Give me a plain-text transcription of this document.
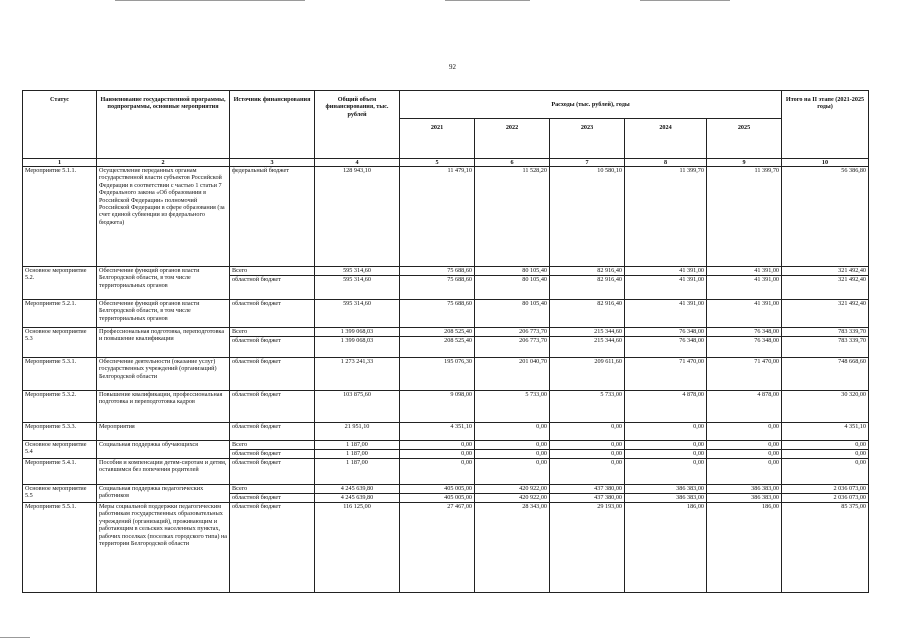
92
Статус	Наименование государственной программы, подпрограммы, основные мероприятия	Источник финансирования	Общий объем финансирования, тыс. рублей	Расходы (тыс. рублей), годы					Итого на II этапе (2021-2025 годы)
				2021	2022	2023	2024	2025	
1	2	3	4	5	6	7	8	9	10
Мероприятие 5.1.1.	Осуществление переданных органам государственной власти субъектов Российской Федерации в соответствии с частью 1 статьи 7 Федерального закона «Об образовании в Российской Федерации» полномочий Российской Федерации в сфере образования (за счет единой субвенции из федерального бюджета)	федеральный бюджет	128 943,10	11 479,10	11 528,20	10 580,10	11 399,70	11 399,70	56 386,80
Основное мероприятие 5.2.	Обеспечение функций органов власти Белгородской области, в том числе территориальных органов	Всего	595 314,60	75 688,60	80 105,40	82 916,40	41 391,00	41 391,00	321 492,40
		областной бюджет	595 314,60	75 688,60	80 105,40	82 916,40	41 391,00	41 391,00	321 492,40
Мероприятие 5.2.1.	Обеспечение функций органов власти Белгородской области, в том числе территориальных органов	областной бюджет	595 314,60	75 688,60	80 105,40	82 916,40	41 391,00	41 391,00	321 492,40
Основное мероприятие 5.3	Профессиональная подготовка, переподготовка и повышение квалификации	Всего	1 399 068,03	208 525,40	206 773,70	215 344,60	76 348,00	76 348,00	783 339,70
		областной бюджет	1 399 068,03	208 525,40	206 773,70	215 344,60	76 348,00	76 348,00	783 339,70
Мероприятие 5.3.1.	Обеспечение деятельности (оказание услуг) государственных учреждений (организаций) Белгородской области	областной бюджет	1 273 241,33	195 076,30	201 040,70	209 611,60	71 470,00	71 470,00	748 668,60
Мероприятие 5.3.2.	Повышение квалификации, профессиональная подготовка и переподготовка кадров	областной бюджет	103 875,60	9 098,00	5 733,00	5 733,00	4 878,00	4 878,00	30 320,00
Мероприятие 5.3.3.	Мероприятия	областной бюджет	21 951,10	4 351,10	0,00	0,00	0,00	0,00	4 351,10
Основное мероприятие 5.4	Социальная поддержка обучающихся	Всего	1 187,00	0,00	0,00	0,00	0,00	0,00	0,00
		областной бюджет	1 187,00	0,00	0,00	0,00	0,00	0,00	0,00
Мероприятие 5.4.1.	Пособия и компенсации детям-сиротам и детям, оставшимся без попечения родителей	областной бюджет	1 187,00	0,00	0,00	0,00	0,00	0,00	0,00
Основное мероприятие 5.5	Социальная поддержка педагогических работников	Всего	4 245 639,80	405 005,00	420 922,00	437 380,00	386 383,00	386 383,00	2 036 073,00
		областной бюджет	4 245 639,80	405 005,00	420 922,00	437 380,00	386 383,00	386 383,00	2 036 073,00
Мероприятие 5.5.1.	Меры социальной поддержки педагогическим работникам государственных образовательных учреждений (организаций), проживающим и работающим в сельских населенных пунктах, рабочих поселках (поселках городского типа) на территории Белгородской области	областной бюджет	116 125,00	27 467,00	28 343,00	29 193,00	186,00	186,00	85 375,00
